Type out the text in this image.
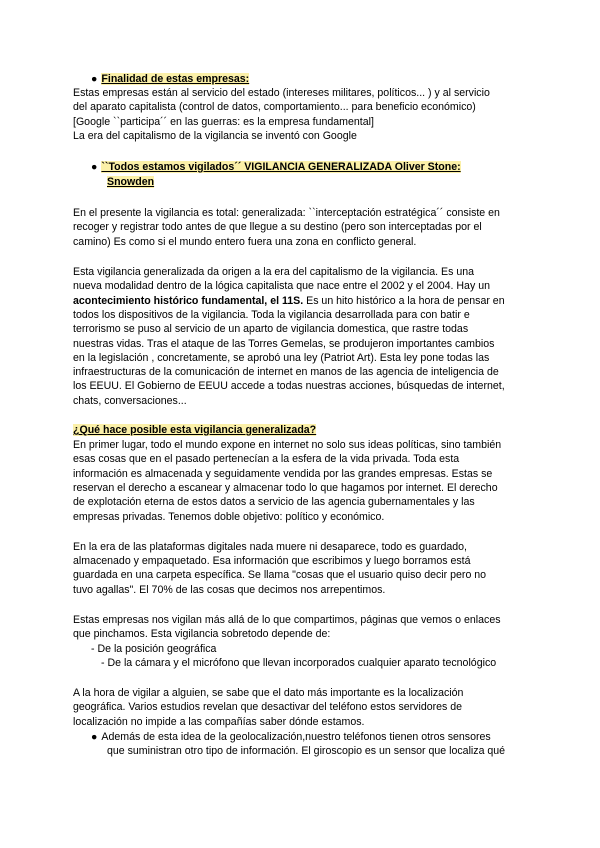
● Finalidad de estas empresas:
Estas empresas están al servicio del estado (intereses militares, políticos... ) y al servicio
del aparato capitalista (control de datos, comportamiento... para beneficio económico)
[Google ``participa´´ en las guerras: es la empresa fundamental]
La era del capitalismo de la vigilancia se inventó con Google
● ``Todos estamos vigilados´´ VIGILANCIA GENERALIZADA Oliver Stone:
Snowden
En el presente la vigilancia es total: generalizada: ``interceptación estratégica´´ consiste en
recoger y registrar todo antes de que llegue a su destino (pero son interceptadas por el
camino) Es como si el mundo entero fuera una zona en conflicto general.
Esta vigilancia generalizada da origen a la era del capitalismo de la vigilancia. Es una
nueva modalidad dentro de la lógica capitalista que nace entre el 2002 y el 2004. Hay un
acontecimiento histórico fundamental, el 11S. Es un hito histórico a la hora de pensar en
todos los dispositivos de la vigilancia. Toda la vigilancia desarrollada para con batir e
terrorismo se puso al servicio de un aparto de vigilancia domestica, que rastre todas
nuestras vidas. Tras el ataque de las Torres Gemelas, se produjeron importantes cambios
en la legislación , concretamente, se aprobó una ley (Patriot Art). Esta ley pone todas las
infraestructuras de la comunicación de internet en manos de las agencia de inteligencia de
los EEUU. El Gobierno de EEUU accede a todas nuestras acciones, búsquedas de internet,
chats, conversaciones...
¿Qué hace posible esta vigilancia generalizada?
En primer lugar, todo el mundo expone en internet no solo sus ideas políticas, sino también
esas cosas que en el pasado pertenecían a la esfera de la vida privada. Toda esta
información es almacenada y seguidamente vendida por las grandes empresas. Estas se
reservan el derecho a escanear y almacenar todo lo que hagamos por internet. El derecho
de explotación eterna de estos datos a servicio de las agencia gubernamentales y las
empresas privadas. Tenemos doble objetivo: político y económico.
En la era de las plataformas digitales nada muere ni desaparece, todo es guardado,
almacenado y empaquetado. Esa información que escribimos y luego borramos está
guardada en una carpeta específica. Se llama "cosas que el usuario quiso decir pero no
tuvo agallas". El 70% de las cosas que decimos nos arrepentimos.
Estas empresas nos vigilan más allá de lo que compartimos, páginas que vemos o enlaces
que pinchamos. Esta vigilancia sobretodo depende de:
- De la posición geográfica
- De la cámara y el micrófono que llevan incorporados cualquier aparato tecnológico
A la hora de vigilar a alguien, se sabe que el dato más importante es la localización
geográfica. Varios estudios revelan que desactivar del teléfono estos servidores de
localización no impide a las compañías saber dónde estamos.
● Además de esta idea de la geolocalización,nuestro teléfonos tienen otros sensores
que suministran otro tipo de información. El giroscopio es un sensor que localiza qué
